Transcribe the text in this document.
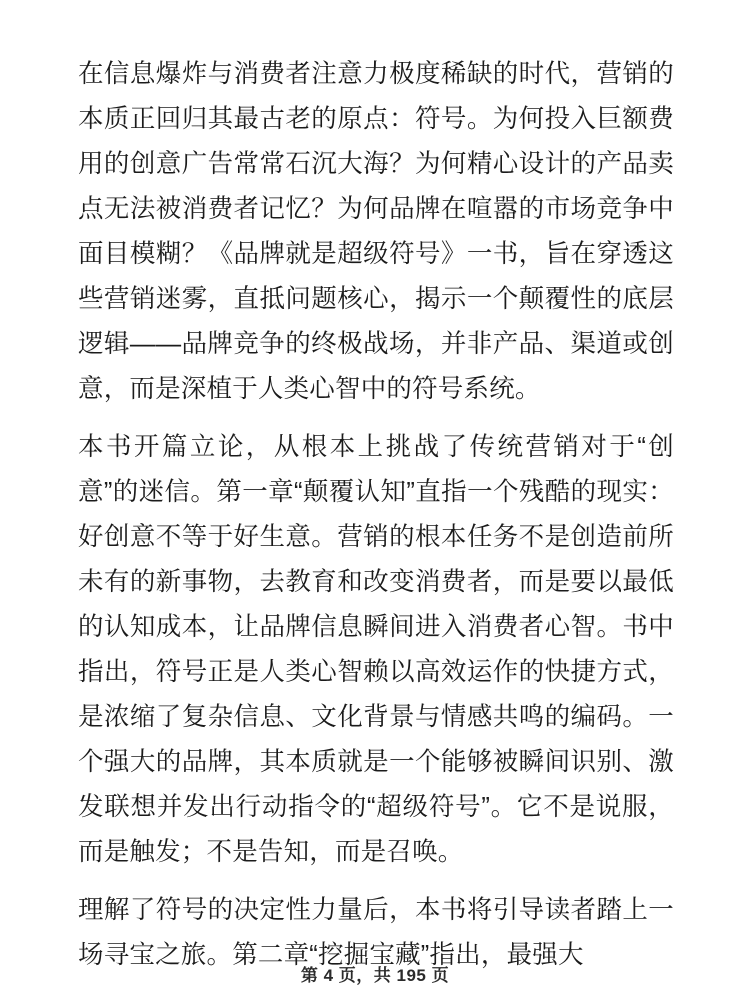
在信息爆炸与消费者注意力极度稀缺的时代，营销的本质正回归其最古老的原点：符号。为何投入巨额费用的创意广告常常石沉大海？为何精心设计的产品卖点无法被消费者记忆？为何品牌在喧嚣的市场竞争中面目模糊？《品牌就是超级符号》一书，旨在穿透这些营销迷雾，直抵问题核心，揭示一个颠覆性的底层逻辑——品牌竞争的终极战场，并非产品、渠道或创意，而是深植于人类心智中的符号系统。

本书开篇立论，从根本上挑战了传统营销对于“创意”的迷信。第一章“颠覆认知”直指一个残酷的现实：好创意不等于好生意。营销的根本任务不是创造前所未有的新事物，去教育和改变消费者，而是要以最低的认知成本，让品牌信息瞬间进入消费者心智。书中指出，符号正是人类心智赖以高效运作的快捷方式，是浓缩了复杂信息、文化背景与情感共鸣的编码。一个强大的品牌，其本质就是一个能够被瞬间识别、激发联想并发出行动指令的“超级符号”。它不是说服，而是触发；不是告知，而是召唤。

理解了符号的决定性力量后，本书将引导读者踏上一场寻宝之旅。第二章“挖掘宝藏”指出，最强大

第 4 页，共 195 页
